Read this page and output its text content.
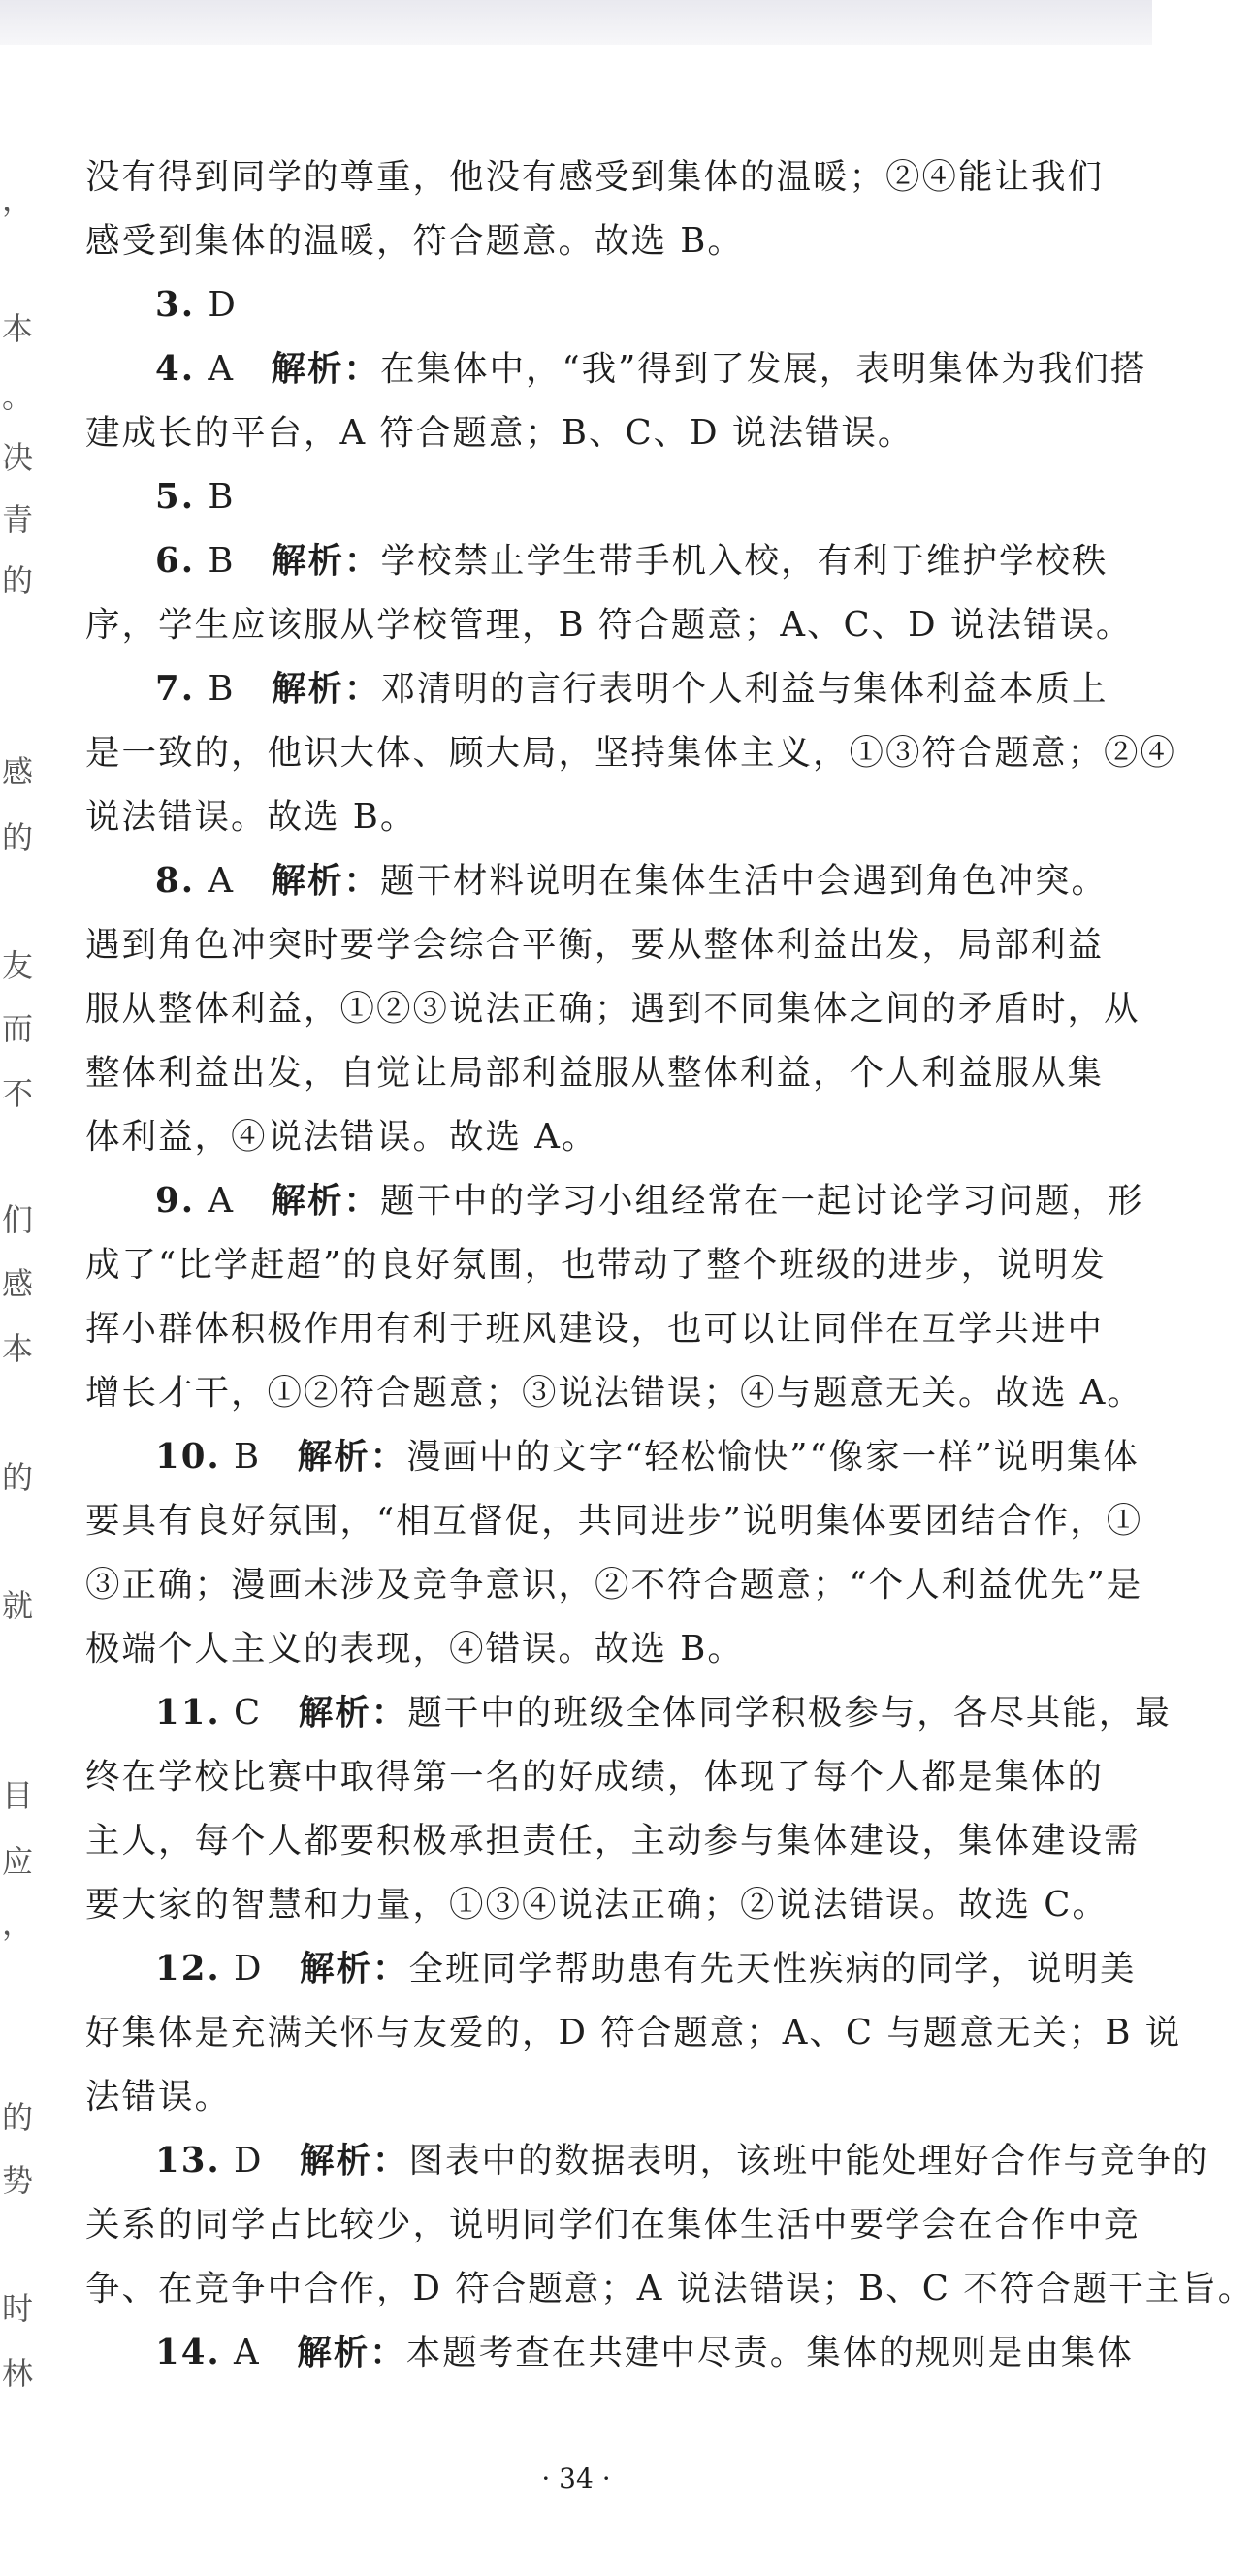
，
本
。
决
青
的
感
的
友
而
不
们
感
本
的
就
目
应
，
的
势
时
林
没有得到同学的尊重，他没有感受到集体的温暖；②④能让我们
感受到集体的温暖，符合题意。故选 B。
3. D
4. A　解析：在集体中，“我”得到了发展，表明集体为我们搭
建成长的平台，A 符合题意；B、C、D 说法错误。
5. B
6. B　解析：学校禁止学生带手机入校，有利于维护学校秩
序，学生应该服从学校管理，B 符合题意；A、C、D 说法错误。
7. B　解析：邓清明的言行表明个人利益与集体利益本质上
是一致的，他识大体、顾大局，坚持集体主义，①③符合题意；②④
说法错误。故选 B。
8. A　解析：题干材料说明在集体生活中会遇到角色冲突。
遇到角色冲突时要学会综合平衡，要从整体利益出发，局部利益
服从整体利益，①②③说法正确；遇到不同集体之间的矛盾时，从
整体利益出发，自觉让局部利益服从整体利益，个人利益服从集
体利益，④说法错误。故选 A。
9. A　解析：题干中的学习小组经常在一起讨论学习问题，形
成了“比学赶超”的良好氛围，也带动了整个班级的进步，说明发
挥小群体积极作用有利于班风建设，也可以让同伴在互学共进中
增长才干，①②符合题意；③说法错误；④与题意无关。故选 A。
10. B　解析：漫画中的文字“轻松愉快”“像家一样”说明集体
要具有良好氛围，“相互督促，共同进步”说明集体要团结合作，①
③正确；漫画未涉及竞争意识，②不符合题意；“个人利益优先”是
极端个人主义的表现，④错误。故选 B。
11. C　解析：题干中的班级全体同学积极参与，各尽其能，最
终在学校比赛中取得第一名的好成绩，体现了每个人都是集体的
主人，每个人都要积极承担责任，主动参与集体建设，集体建设需
要大家的智慧和力量，①③④说法正确；②说法错误。故选 C。
12. D　解析：全班同学帮助患有先天性疾病的同学，说明美
好集体是充满关怀与友爱的，D 符合题意；A、C 与题意无关；B 说
法错误。
13. D　解析：图表中的数据表明，该班中能处理好合作与竞争的
关系的同学占比较少，说明同学们在集体生活中要学会在合作中竞
争、在竞争中合作，D 符合题意；A 说法错误；B、C 不符合题干主旨。
14. A　解析：本题考查在共建中尽责。集体的规则是由集体
· 34 ·
